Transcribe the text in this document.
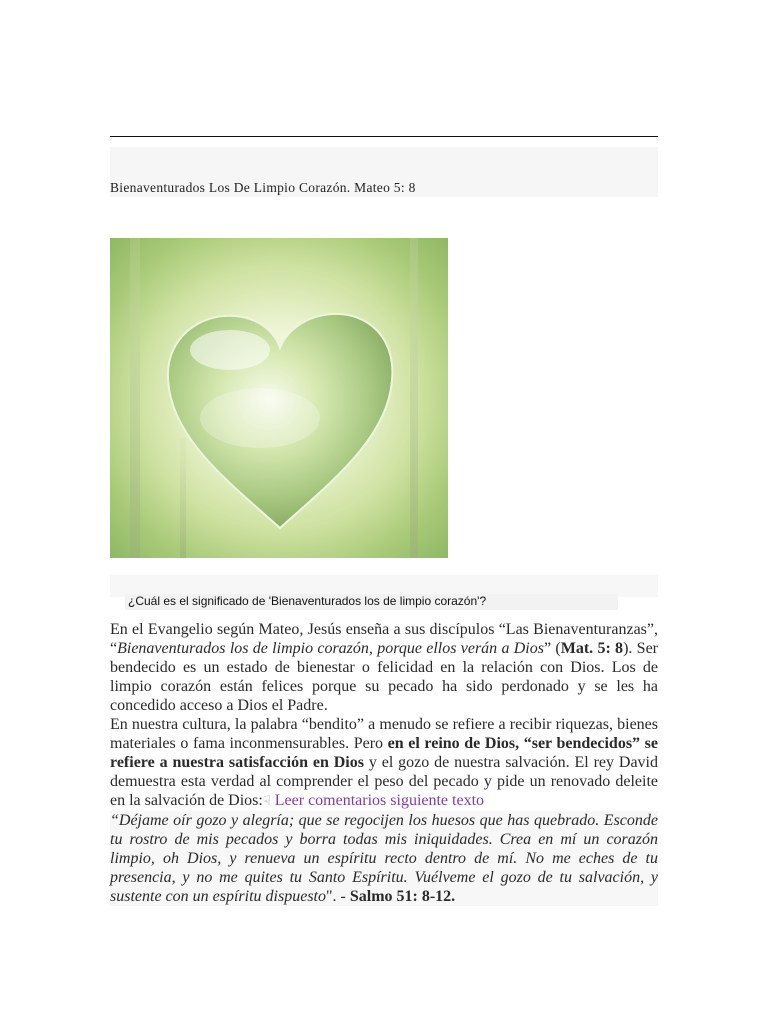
Bienaventurados Los De Limpio Corazón. Mateo 5: 8
¿Cuál es el significado de 'Bienaventurados los de limpio corazón'?

En el Evangelio según Mateo, Jesús enseña a sus discípulos “Las Bienaventuranzas”, “Bienaventurados los de limpio corazón, porque ellos verán a Dios” (Mat. 5: 8). Ser bendecido es un estado de bienestar o felicidad en la relación con Dios. Los de limpio corazón están felices porque su pecado ha sido perdonado y se les ha concedido acceso a Dios el Padre.

En nuestra cultura, la palabra “bendito” a menudo se refiere a recibir riquezas, bienes materiales o fama inconmensurables. Pero en el reino de Dios, “ser bendecidos” se refiere a nuestra satisfacción en Dios y el gozo de nuestra salvación. El rey David demuestra esta verdad al comprender el peso del pecado y pide un renovado deleite en la salvación de Dios:☟ Leer comentarios siguiente texto

“Déjame oír gozo y alegría; que se regocijen los huesos que has quebrado. Esconde tu rostro de mis pecados y borra todas mis iniquidades. Crea en mí un corazón limpio, oh Dios, y renueva un espíritu recto dentro de mí. No me eches de tu presencia, y no me quites tu Santo Espíritu. Vuélveme el gozo de tu salvación, y sustente con un espíritu dispuesto". - Salmo 51: 8-12.
